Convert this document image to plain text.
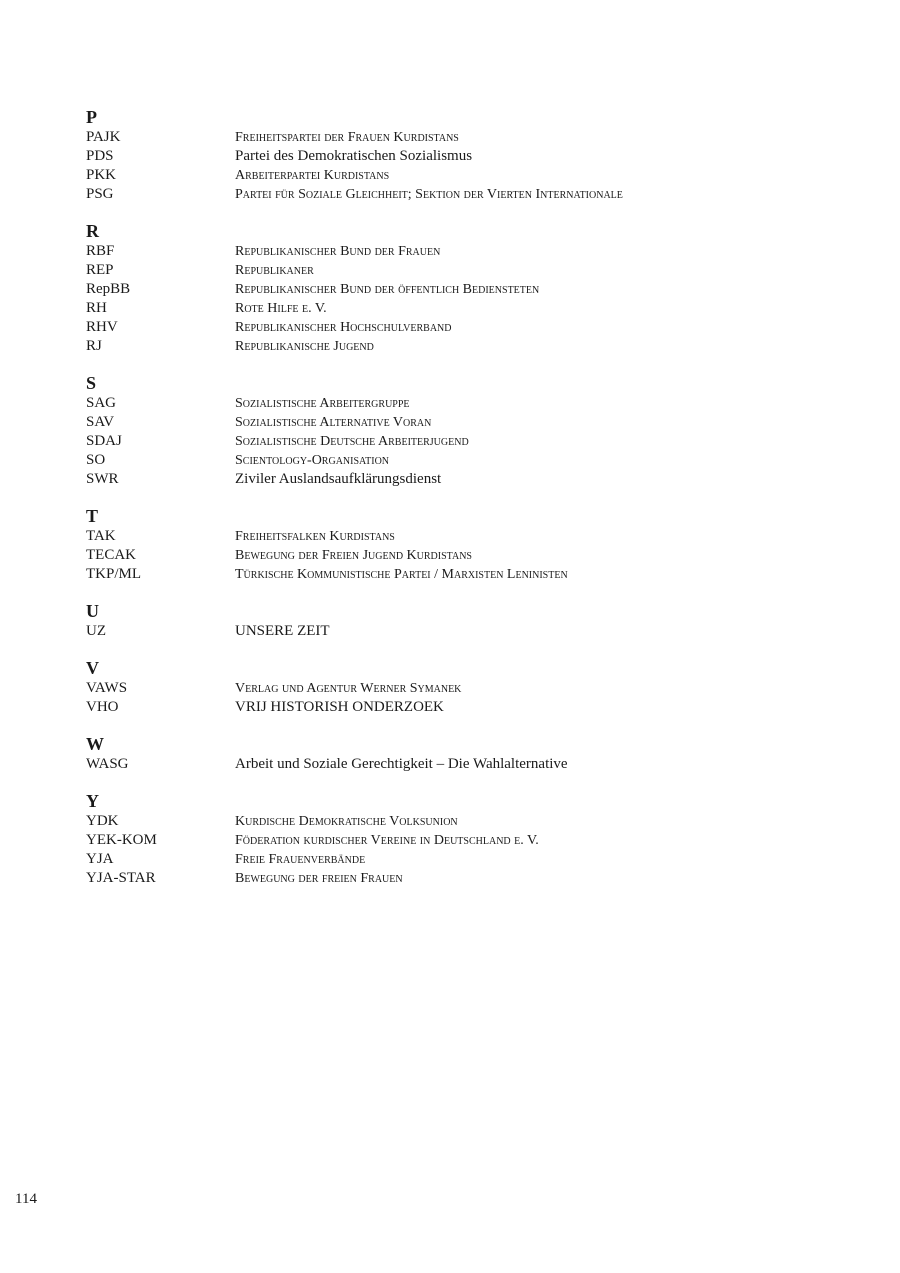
P
PAJK	Freiheitspartei der Frauen Kurdistans
PDS	Partei des Demokratischen Sozialismus
PKK	Arbeiterpartei Kurdistans
PSG	Partei für Soziale Gleichheit; Sektion der Vierten Internationale
R
RBF	Republikanischer Bund der Frauen
REP	Republikaner
RepBB	Republikanischer Bund der öffentlich Bediensteten
RH	Rote Hilfe e. V.
RHV	Republikanischer Hochschulverband
RJ	Republikanische Jugend
S
SAG	Sozialistische Arbeitergruppe
SAV	Sozialistische Alternative Voran
SDAJ	Sozialistische Deutsche Arbeiterjugend
SO	Scientology-Organisation
SWR	Ziviler Auslandsaufklärungsdienst
T
TAK	Freiheitsfalken Kurdistans
TECAK	Bewegung der Freien Jugend Kurdistans
TKP/ML	Türkische Kommunistische Partei / Marxisten Leninisten
U
UZ	UNSERE ZEIT
V
VAWS	Verlag und Agentur Werner Symanek
VHO	VRIJ HISTORISH ONDERZOEK
W
WASG	Arbeit und Soziale Gerechtigkeit – Die Wahlalternative
Y
YDK	Kurdische Demokratische Volksunion
YEK-KOM	Föderation kurdischer Vereine in Deutschland e. V.
YJA	Freie Frauenverbände
YJA-STAR	Bewegung der freien Frauen
114
